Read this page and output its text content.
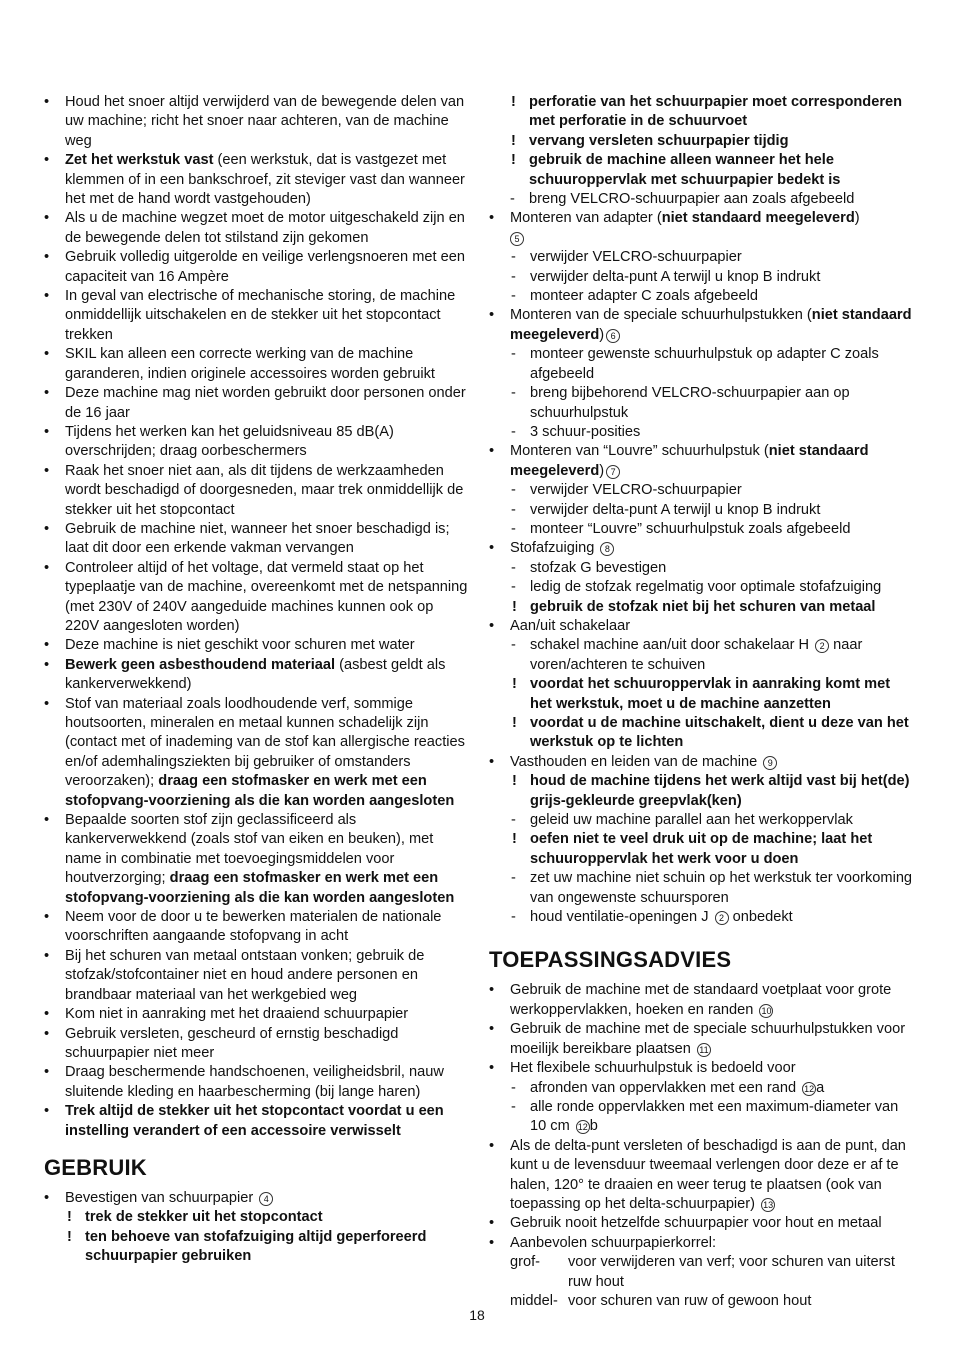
• Houd het snoer altijd verwijderd van de bewegende delen van uw machine; richt het snoer naar achteren, van de machine weg
• Zet het werkstuk vast (een werkstuk, dat is vastgezet met klemmen of in een bankschroef, zit steviger vast dan wanneer het met de hand wordt vastgehouden)
• Als u de machine wegzet moet de motor uitgeschakeld zijn en de bewegende delen tot stilstand zijn gekomen
• Gebruik volledig uitgerolde en veilige verlengsnoeren met een capaciteit van 16 Ampère
• In geval van electrische of mechanische storing, de machine onmiddellijk uitschakelen en de stekker uit het stopcontact trekken
• SKIL kan alleen een correcte werking van de machine garanderen, indien originele accessoires worden gebruikt
• Deze machine mag niet worden gebruikt door personen onder de 16 jaar
• Tijdens het werken kan het geluidsniveau 85 dB(A) overschrijden; draag oorbeschermers
• Raak het snoer niet aan, als dit tijdens de werkzaamheden wordt beschadigd of doorgesneden, maar trek onmiddellijk de stekker uit het stopcontact
• Gebruik de machine niet, wanneer het snoer beschadigd is; laat dit door een erkende vakman vervangen
• Controleer altijd of het voltage, dat vermeld staat op het typeplaatje van de machine, overeenkomt met de netspanning (met 230V of 240V aangeduide machines kunnen ook op 220V aangesloten worden)
• Deze machine is niet geschikt voor schuren met water
• Bewerk geen asbesthoudend materiaal (asbest geldt als kankerverwekkend)
• Stof van materiaal zoals loodhoudende verf, sommige houtsoorten, mineralen en metaal kunnen schadelijk zijn (contact met of inademing van de stof kan allergische reacties en/of ademhalingsziekten bij gebruiker of omstanders veroorzaken); draag een stofmasker en werk met een stofopvang-voorziening als die kan worden aangesloten
• Bepaalde soorten stof zijn geclassificeerd als kankerverwekkend (zoals stof van eiken en beuken), met name in combinatie met toevoegingsmiddelen voor houtverzorging; draag een stofmasker en werk met een stofopvang-voorziening als die kan worden aangesloten
• Neem voor de door u te bewerken materialen de nationale voorschriften aangaande stofopvang in acht
• Bij het schuren van metaal ontstaan vonken; gebruik de stofzak/stofcontainer niet en houd andere personen en brandbaar materiaal van het werkgebied weg
• Kom niet in aanraking met het draaiend schuurpapier
• Gebruik versleten, gescheurd of ernstig beschadigd schuurpapier niet meer
• Draag beschermende handschoenen, veiligheidsbril, nauw sluitende kleding en haarbescherming (bij lange haren)
• Trek altijd de stekker uit het stopcontact voordat u een instelling verandert of een accessoire verwisselt
GEBRUIK
• Bevestigen van schuurpapier 4
! trek de stekker uit het stopcontact
! ten behoeve van stofafzuiging altijd geperforeerd schuurpapier gebruiken
! perforatie van het schuurpapier moet corresponderen met perforatie in de schuurvoet
! vervang versleten schuurpapier tijdig
! gebruik de machine alleen wanneer het hele schuuroppervlak met schuurpapier bedekt is
- breng VELCRO-schuurpapier aan zoals afgebeeld
• Monteren van adapter (niet standaard meegeleverd)
5
- verwijder VELCRO-schuurpapier
- verwijder delta-punt A terwijl u knop B indrukt
- monteer adapter C zoals afgebeeld
• Monteren van de speciale schuurhulpstukken (niet standaard meegeleverd) 6
- monteer gewenste schuurhulpstuk op adapter C zoals afgebeeld
- breng bijbehorend VELCRO-schuurpapier aan op schuurhulpstuk
- 3 schuur-posities
• Monteren van “Louvre” schuurhulpstuk (niet standaard meegeleverd) 7
- verwijder VELCRO-schuurpapier
- verwijder delta-punt A terwijl u knop B indrukt
- monteer “Louvre” schuurhulpstuk zoals afgebeeld
• Stofafzuiging 8
- stofzak G bevestigen
- ledig de stofzak regelmatig voor optimale stofafzuiging
! gebruik de stofzak niet bij het schuren van metaal
• Aan/uit schakelaar
- schakel machine aan/uit door schakelaar H 2 naar voren/achteren te schuiven
! voordat het schuuroppervlak in aanraking komt met het werkstuk, moet u de machine aanzetten
! voordat u de machine uitschakelt, dient u deze van het werkstuk op te lichten
• Vasthouden en leiden van de machine 9
! houd de machine tijdens het werk altijd vast bij het(de) grijs-gekleurde greepvlak(ken)
- geleid uw machine parallel aan het werkoppervlak
! oefen niet te veel druk uit op de machine; laat het schuuroppervlak het werk voor u doen
- zet uw machine niet schuin op het werkstuk ter voorkoming van ongewenste schuursporen
- houd ventilatie-openingen J 2 onbedekt
TOEPASSINGSADVIES
• Gebruik de machine met de standaard voetplaat voor grote werkoppervlakken, hoeken en randen 10
• Gebruik de machine met de speciale schuurhulpstukken voor moeilijk bereikbare plaatsen 11
• Het flexibele schuurhulpstuk is bedoeld voor
- afronden van oppervlakken met een rand 12 a
- alle ronde oppervlakken met een maximum-diameter van 10 cm 12 b
• Als de delta-punt versleten of beschadigd is aan de punt, dan kunt u de levensduur tweemaal verlengen door deze er af te halen, 120° te draaien en weer terug te plaatsen (ook van toepassing op het delta-schuurpapier) 13
• Gebruik nooit hetzelfde schuurpapier voor hout en metaal
• Aanbevolen schuurpapierkorrel:
grof-	voor verwijderen van verf; voor schuren van uiterst ruw hout
middel- voor schuren van ruw of gewoon hout
18
